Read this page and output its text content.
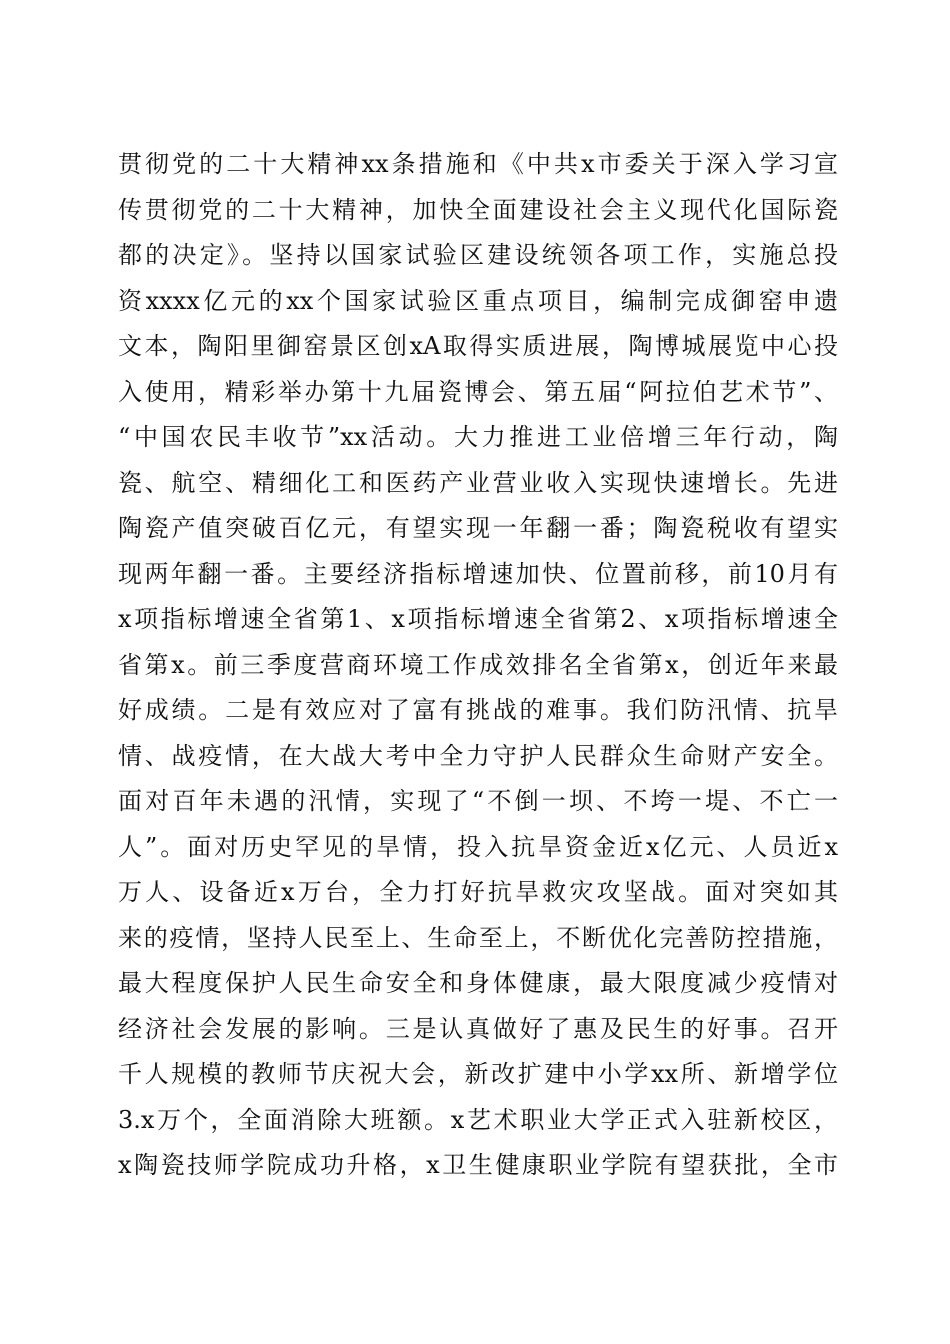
贯彻党的二十大精神xx条措施和《中共x市委关于深入学习宣
传贯彻党的二十大精神，加快全面建设社会主义现代化国际瓷
都的决定》。坚持以国家试验区建设统领各项工作，实施总投
资xxxx亿元的xx个国家试验区重点项目，编制完成御窑申遗
文本，陶阳里御窑景区创xA取得实质进展，陶博城展览中心投
入使用，精彩举办第十九届瓷博会、第五届“阿拉伯艺术节”、
“中国农民丰收节”xx活动。大力推进工业倍增三年行动，陶
瓷、航空、精细化工和医药产业营业收入实现快速增长。先进
陶瓷产值突破百亿元，有望实现一年翻一番；陶瓷税收有望实
现两年翻一番。主要经济指标增速加快、位置前移，前10月有
x项指标增速全省第1、x项指标增速全省第2、x项指标增速全
省第x。前三季度营商环境工作成效排名全省第x，创近年来最
好成绩。二是有效应对了富有挑战的难事。我们防汛情、抗旱
情、战疫情，在大战大考中全力守护人民群众生命财产安全。
面对百年未遇的汛情，实现了“不倒一坝、不垮一堤、不亡一
人”。面对历史罕见的旱情，投入抗旱资金近x亿元、人员近x
万人、设备近x万台，全力打好抗旱救灾攻坚战。面对突如其
来的疫情，坚持人民至上、生命至上，不断优化完善防控措施，
最大程度保护人民生命安全和身体健康，最大限度减少疫情对
经济社会发展的影响。三是认真做好了惠及民生的好事。召开
千人规模的教师节庆祝大会，新改扩建中小学xx所、新增学位
3.x万个，全面消除大班额。x艺术职业大学正式入驻新校区，
x陶瓷技师学院成功升格，x卫生健康职业学院有望获批，全市
